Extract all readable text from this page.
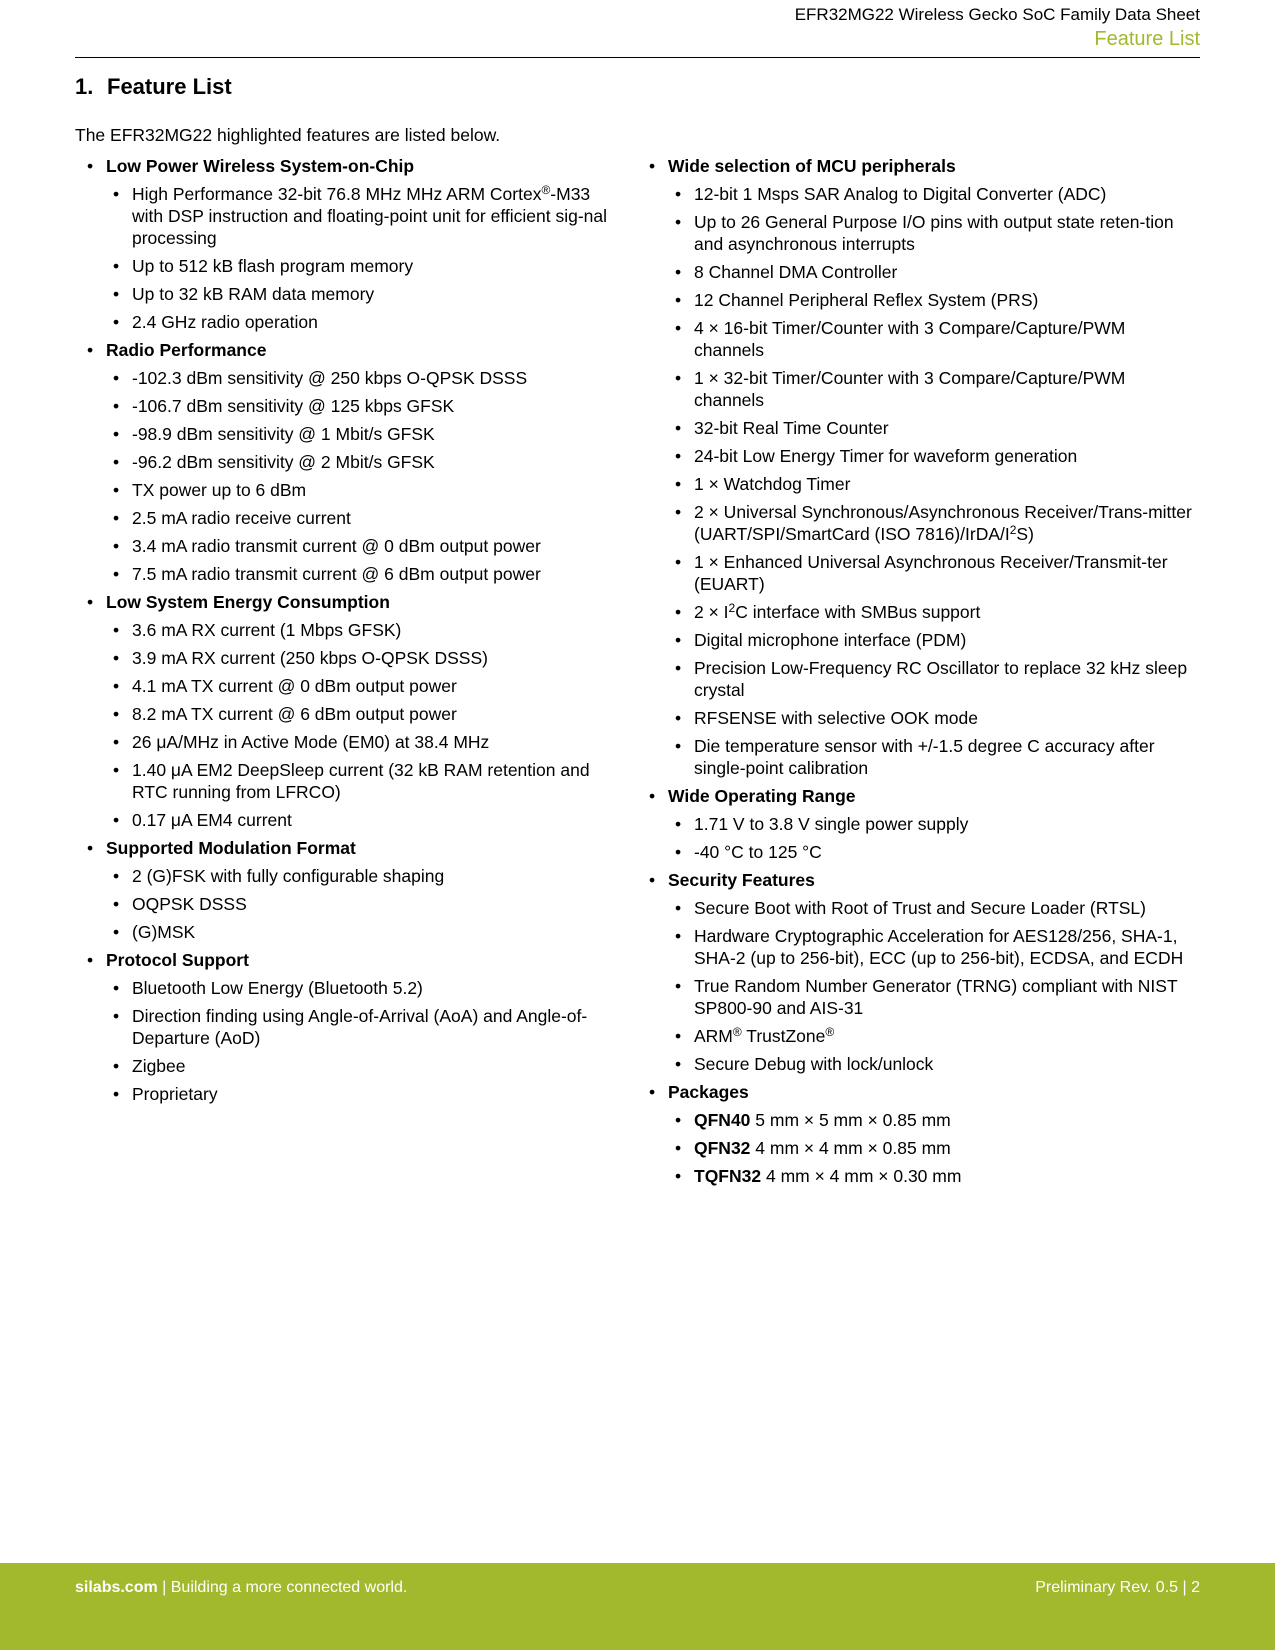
EFR32MG22 Wireless Gecko SoC Family Data Sheet
Feature List
1. Feature List
The EFR32MG22 highlighted features are listed below.
• Low Power Wireless System-on-Chip
• High Performance 32-bit 76.8 MHz MHz ARM Cortex®-M33 with DSP instruction and floating-point unit for efficient sig-nal processing
• Up to 512 kB flash program memory
• Up to 32 kB RAM data memory
• 2.4 GHz radio operation
• Radio Performance
• -102.3 dBm sensitivity @ 250 kbps O-QPSK DSSS
• -106.7 dBm sensitivity @ 125 kbps GFSK
• -98.9 dBm sensitivity @ 1 Mbit/s GFSK
• -96.2 dBm sensitivity @ 2 Mbit/s GFSK
• TX power up to 6 dBm
• 2.5 mA radio receive current
• 3.4 mA radio transmit current @ 0 dBm output power
• 7.5 mA radio transmit current @ 6 dBm output power
• Low System Energy Consumption
• 3.6 mA RX current (1 Mbps GFSK)
• 3.9 mA RX current (250 kbps O-QPSK DSSS)
• 4.1 mA TX current @ 0 dBm output power
• 8.2 mA TX current @ 6 dBm output power
• 26 μA/MHz in Active Mode (EM0) at 38.4 MHz
• 1.40 μA EM2 DeepSleep current (32 kB RAM retention and RTC running from LFRCO)
• 0.17 μA EM4 current
• Supported Modulation Format
• 2 (G)FSK with fully configurable shaping
• OQPSK DSSS
• (G)MSK
• Protocol Support
• Bluetooth Low Energy (Bluetooth 5.2)
• Direction finding using Angle-of-Arrival (AoA) and Angle-of-Departure (AoD)
• Zigbee
• Proprietary
• Wide selection of MCU peripherals
• 12-bit 1 Msps SAR Analog to Digital Converter (ADC)
• Up to 26 General Purpose I/O pins with output state reten-tion and asynchronous interrupts
• 8 Channel DMA Controller
• 12 Channel Peripheral Reflex System (PRS)
• 4 × 16-bit Timer/Counter with 3 Compare/Capture/PWM channels
• 1 × 32-bit Timer/Counter with 3 Compare/Capture/PWM channels
• 32-bit Real Time Counter
• 24-bit Low Energy Timer for waveform generation
• 1 × Watchdog Timer
• 2 × Universal Synchronous/Asynchronous Receiver/Trans-mitter (UART/SPI/SmartCard (ISO $7816)/IrDA/I^2S$)
• 1 × Enhanced Universal Asynchronous Receiver/Transmit-ter (EUART)
• $2 \times I^2C$ interface with SMBus support
• Digital microphone interface (PDM)
• Precision Low-Frequency RC Oscillator to replace 32 kHz sleep crystal
• RFSENSE with selective OOK mode
• Die temperature sensor with +/-1.5 degree C accuracy after single-point calibration
• Wide Operating Range
• 1.71 V to 3.8 V single power supply
• -40 °C to 125 °C
• Security Features
• Secure Boot with Root of Trust and Secure Loader (RTSL)
• Hardware Cryptographic Acceleration for AES128/256, SHA-1, SHA-2 (up to 256-bit), ECC (up to 256-bit), ECDSA, and ECDH
• True Random Number Generator (TRNG) compliant with NIST SP800-90 and AIS-31
• ARM® TrustZone®
• Secure Debug with lock/unlock
• Packages
• QFN40 5 mm × 5 mm × 0.85 mm
• QFN32 4 mm × 4 mm × 0.85 mm
• TQFN32 4 mm × 4 mm × 0.30 mm
silabs.com | Building a more connected world.	Preliminary Rev. 0.5 | 2
